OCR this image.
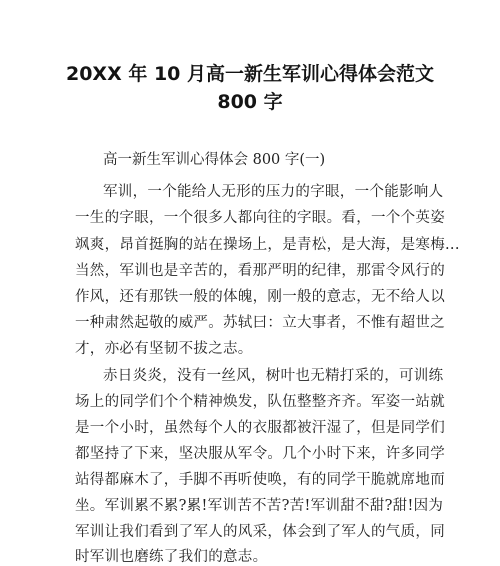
20XX 年 10 月高一新生军训心得体会范文
800 字
高一新生军训心得体会 800 字(一)
军训，一个能给人无形的压力的字眼，一个能影响人
一生的字眼，一个很多人都向往的字眼。看，一个个英姿
飒爽，昂首挺胸的站在操场上，是青松，是大海，是寒梅...
当然，军训也是辛苦的，看那严明的纪律，那雷令风行的
作风，还有那铁一般的体魄，刚一般的意志，无不给人以
一种肃然起敬的威严。苏轼曰：立大事者，不惟有超世之
才，亦必有坚韧不拔之志。
赤日炎炎，没有一丝风，树叶也无精打采的，可训练
场上的同学们个个精神焕发，队伍整整齐齐。军姿一站就
是一个小时，虽然每个人的衣服都被汗湿了，但是同学们
都坚持了下来，坚决服从军令。几个小时下来，许多同学
站得都麻木了，手脚不再听使唤，有的同学干脆就席地而
坐。军训累不累?累!军训苦不苦?苦!军训甜不甜?甜!因为
军训让我们看到了军人的风采，体会到了军人的气质，同
时军训也磨练了我们的意志。
